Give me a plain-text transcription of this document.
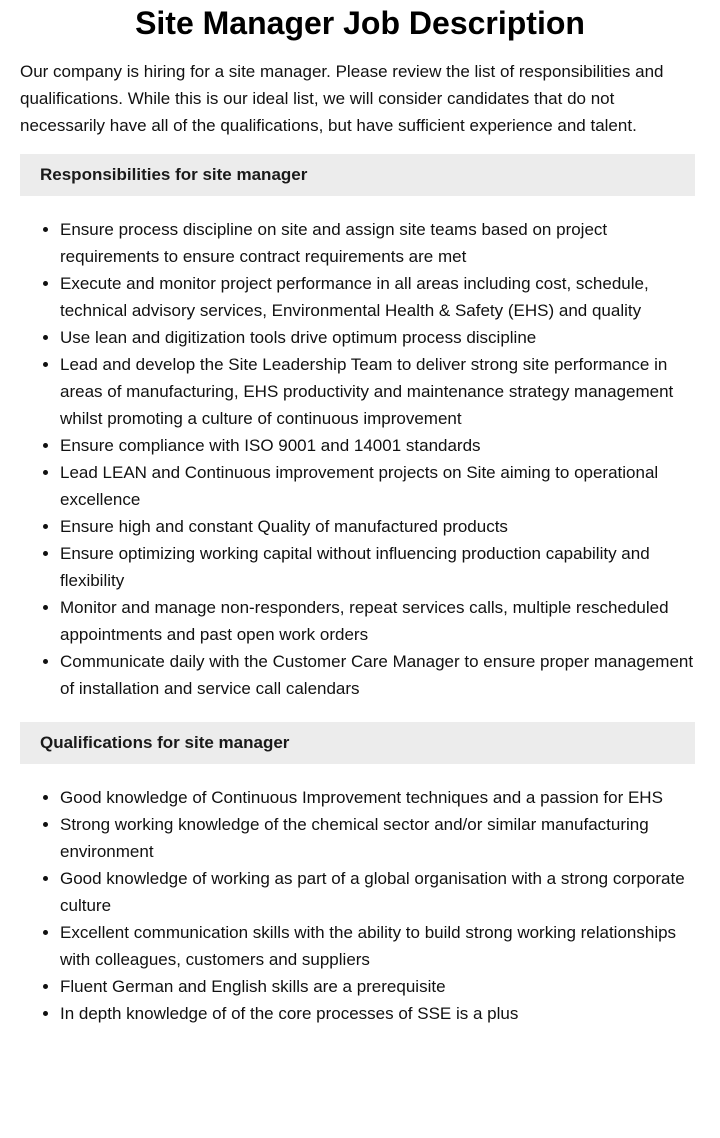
Site Manager Job Description

Our company is hiring for a site manager. Please review the list of responsibilities and qualifications. While this is our ideal list, we will consider candidates that do not necessarily have all of the qualifications, but have sufficient experience and talent.

Responsibilities for site manager
• Ensure process discipline on site and assign site teams based on project requirements to ensure contract requirements are met
• Execute and monitor project performance in all areas including cost, schedule, technical advisory services, Environmental Health & Safety (EHS) and quality
• Use lean and digitization tools drive optimum process discipline
• Lead and develop the Site Leadership Team to deliver strong site performance in areas of manufacturing, EHS productivity and maintenance strategy management whilst promoting a culture of continuous improvement
• Ensure compliance with ISO 9001 and 14001 standards
• Lead LEAN and Continuous improvement projects on Site aiming to operational excellence
• Ensure high and constant Quality of manufactured products
• Ensure optimizing working capital without influencing production capability and flexibility
• Monitor and manage non-responders, repeat services calls, multiple rescheduled appointments and past open work orders
• Communicate daily with the Customer Care Manager to ensure proper management of installation and service call calendars
Qualifications for site manager
• Good knowledge of Continuous Improvement techniques and a passion for EHS
• Strong working knowledge of the chemical sector and/or similar manufacturing environment
• Good knowledge of working as part of a global organisation with a strong corporate culture
• Excellent communication skills with the ability to build strong working relationships with colleagues, customers and suppliers
• Fluent German and English skills are a prerequisite
• In depth knowledge of of the core processes of SSE is a plus
